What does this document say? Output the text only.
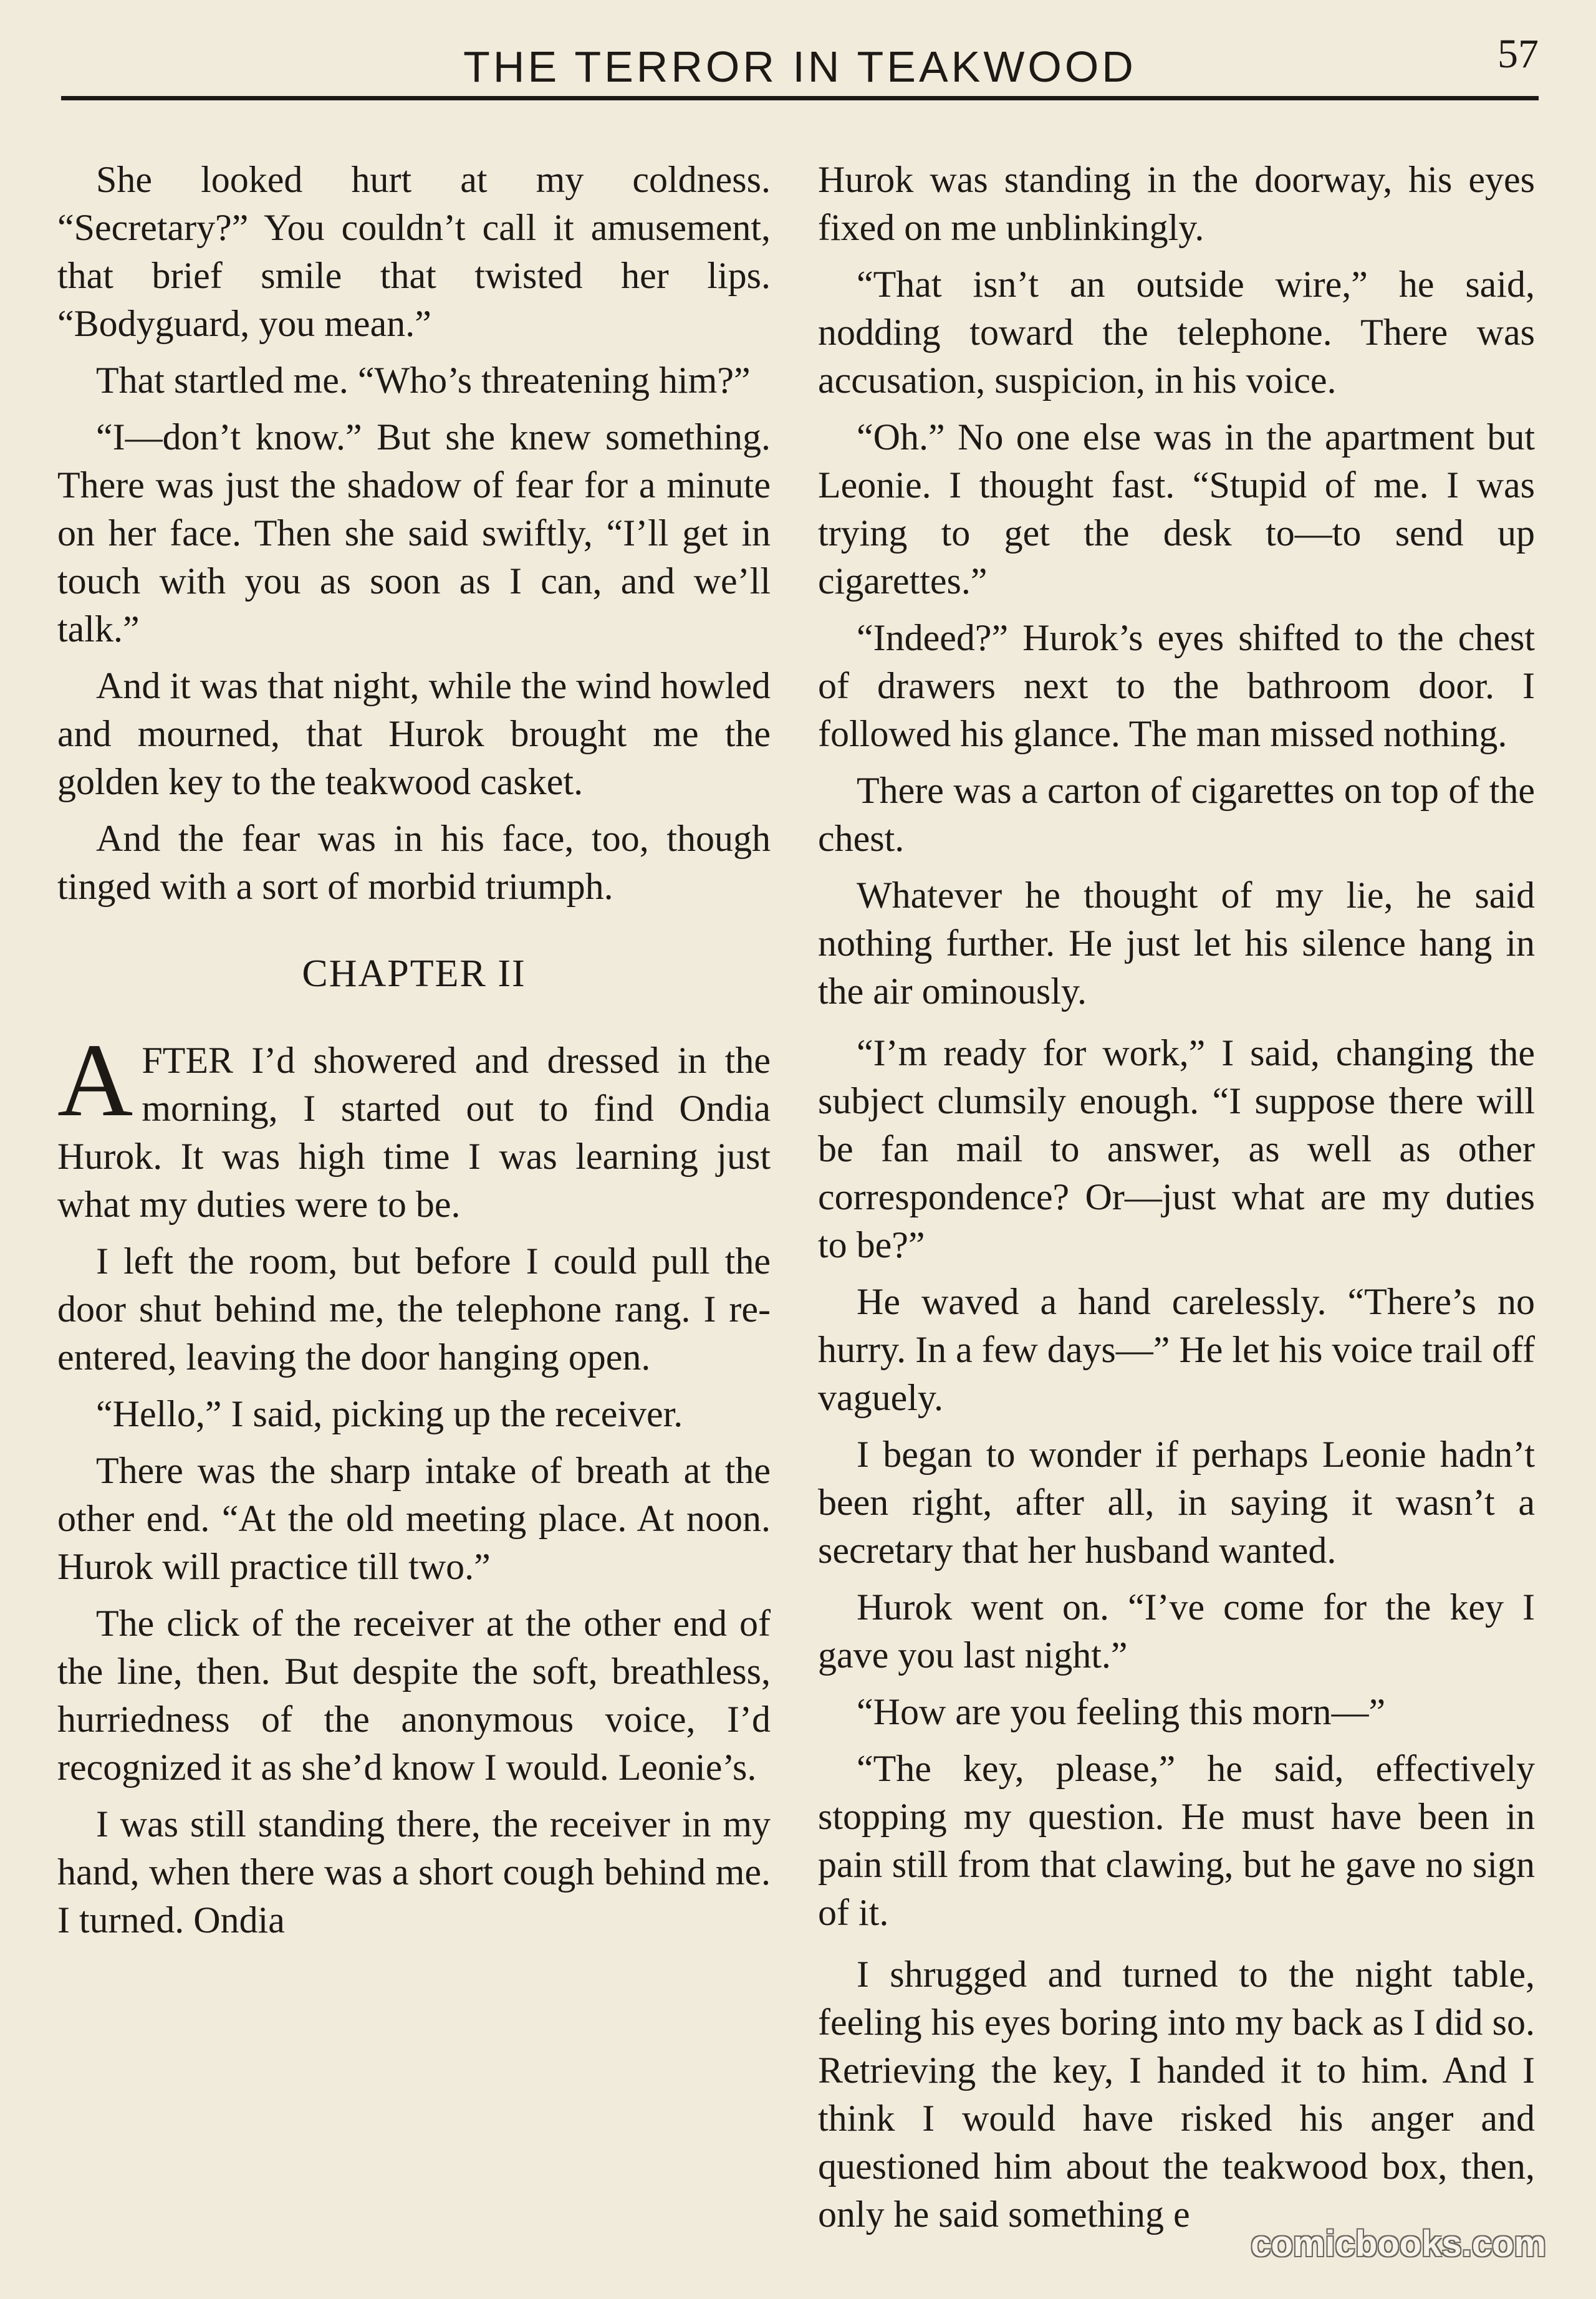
THE TERROR IN TEAKWOOD	57

She looked hurt at my coldness. “Secretary?” You couldn’t call it amusement, that brief smile that twisted her lips. “Bodyguard, you mean.”

That startled me. “Who’s threatening him?”

“I—don’t know.” But she knew something. There was just the shadow of fear for a minute on her face. Then she said swiftly, “I’ll get in touch with you as soon as I can, and we’ll talk.”

And it was that night, while the wind howled and mourned, that Hurok brought me the golden key to the teakwood casket.

And the fear was in his face, too, though tinged with a sort of morbid triumph.

CHAPTER II

AFTER I’d showered and dressed in the morning, I started out to find Ondia Hurok. It was high time I was learning just what my duties were to be.

I left the room, but before I could pull the door shut behind me, the telephone rang. I re-entered, leaving the door hanging open.

“Hello,” I said, picking up the receiver.

There was the sharp intake of breath at the other end. “At the old meeting place. At noon. Hurok will practice till two.”

The click of the receiver at the other end of the line, then. But despite the soft, breathless, hurriedness of the anonymous voice, I’d recognized it as she’d know I would. Leonie’s.

I was still standing there, the receiver in my hand, when there was a short cough behind me. I turned. Ondia

Hurok was standing in the doorway, his eyes fixed on me unblinkingly.

“That isn’t an outside wire,” he said, nodding toward the telephone. There was accusation, suspicion, in his voice.

“Oh.” No one else was in the apartment but Leonie. I thought fast. “Stupid of me. I was trying to get the desk to—to send up cigarettes.”

“Indeed?” Hurok’s eyes shifted to the chest of drawers next to the bathroom door. I followed his glance. The man missed nothing.

There was a carton of cigarettes on top of the chest.

Whatever he thought of my lie, he said nothing further. He just let his silence hang in the air ominously.

“I’m ready for work,” I said, changing the subject clumsily enough. “I suppose there will be fan mail to answer, as well as other correspondence? Or—just what are my duties to be?”

He waved a hand carelessly. “There’s no hurry. In a few days—” He let his voice trail off vaguely.

I began to wonder if perhaps Leonie hadn’t been right, after all, in saying it wasn’t a secretary that her husband wanted.

Hurok went on. “I’ve come for the key I gave you last night.”

“How are you feeling this morn—”

“The key, please,” he said, effectively stopping my question. He must have been in pain still from that clawing, but he gave no sign of it.

I shrugged and turned to the night table, feeling his eyes boring into my back as I did so. Retrieving the key, I handed it to him. And I think I would have risked his anger and questioned him about the teakwood box, then, only he said something e

comicbooks.com
